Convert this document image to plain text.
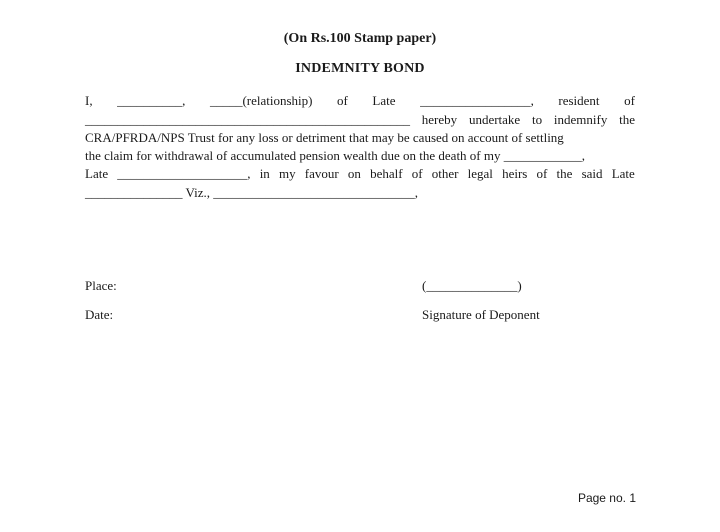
(On Rs.100 Stamp paper)
INDEMNITY BOND
I, __________, _____(relationship) of Late _________________, resident of
__________________________________________________ hereby undertake to indemnify the
CRA/PFRDA/NPS Trust for any loss or detriment that may be caused on account of settling
the claim for withdrawal of accumulated pension wealth due on the death of my ____________,
Late ____________________, in my favour on behalf of other legal heirs of the said Late
_______________ Viz., _______________________________,
Place:
Date:
(______________)
Signature of Deponent
Page no. 1
